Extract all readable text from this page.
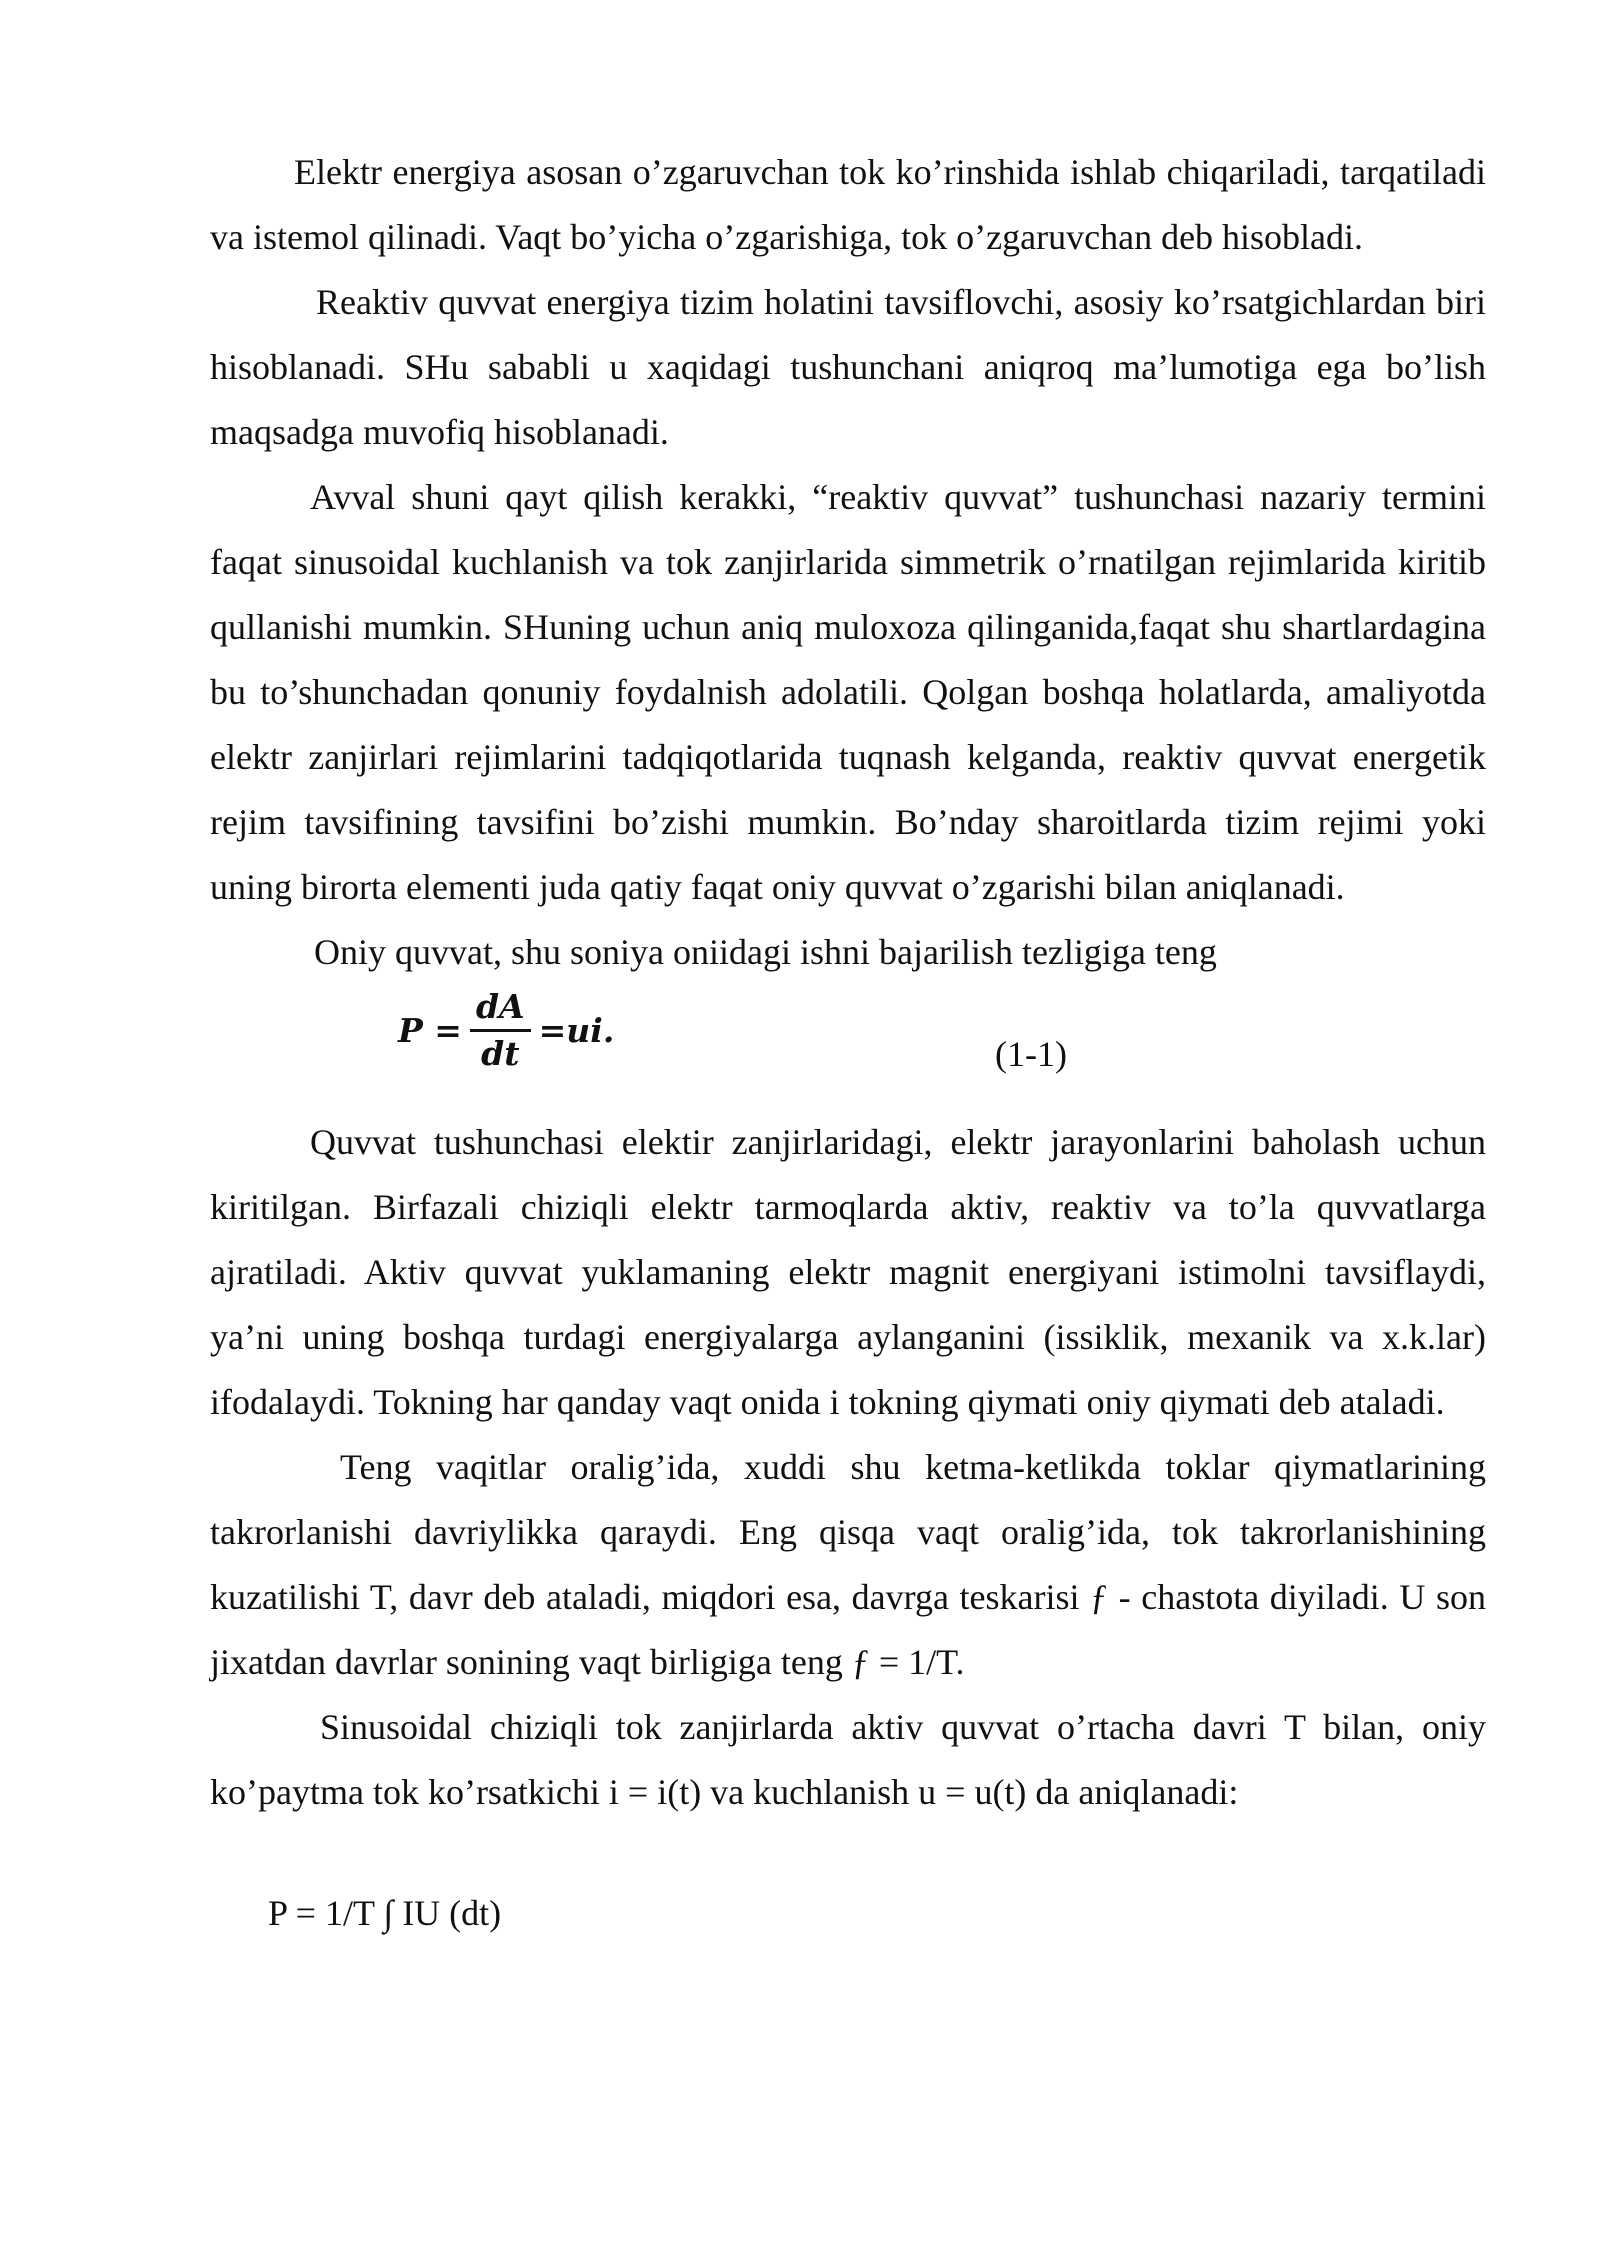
Elektr energiya asosan o’zgaruvchan tok ko’rinshida ishlab chiqariladi, tarqatiladi va istemol qilinadi. Vaqt bo’yicha o’zgarishiga, tok o’zgaruvchan deb hisobladi.

Reaktiv quvvat energiya tizim holatini tavsiflovchi, asosiy ko’rsatgichlardan biri hisoblanadi. SHu sababli u xaqidagi tushunchani aniqroq ma’lumotiga ega bo’lish maqsadga muvofiq hisoblanadi.

Avval shuni qayt qilish kerakki, “reaktiv quvvat” tushunchasi nazariy termini faqat sinusoidal kuchlanish va tok zanjirlarida simmetrik o’rnatilgan rejimlarida kiritib qullanishi mumkin. SHuning uchun aniq muloxoza qilinganida,faqat shu shartlardagina bu to’shunchadan qonuniy foydalnish adolatili. Qolgan boshqa holatlarda, amaliyotda elektr zanjirlari rejimlarini tadqiqotlarida tuqnash kelganda, reaktiv quvvat energetik rejim tavsifining tavsifini bo’zishi mumkin. Bo’nday sharoitlarda tizim rejimi yoki uning birorta elementi juda qatiy faqat oniy quvvat o’zgarishi bilan aniqlanadi.

Oniy quvvat, shu soniya oniidagi ishni bajarilish tezligiga teng

$P = \frac{dA}{dt} =ui$.
(1-1)

Quvvat tushunchasi elektir zanjirlaridagi, elektr jarayonlarini baholash uchun kiritilgan. Birfazali chiziqli elektr tarmoqlarda aktiv, reaktiv va to’la quvvatlarga ajratiladi. Aktiv quvvat yuklamaning elektr magnit energiyani istimolni tavsiflaydi, ya’ni uning boshqa turdagi energiyalarga aylanganini (issiklik, mexanik va x.k.lar) ifodalaydi. Tokning har qanday vaqt onida i tokning qiymati oniy qiymati deb ataladi.

Teng vaqitlar oralig’ida, xuddi shu ketma-ketlikda toklar qiymatlarining takrorlanishi davriylikka qaraydi. Eng qisqa vaqt oralig’ida, tok takrorlanishining kuzatilishi T, davr deb ataladi, miqdori esa, davrga teskarisi ƒ - chastota diyiladi. U son jixatdan davrlar sonining vaqt birligiga teng ƒ = 1/T.

Sinusoidal chiziqli tok zanjirlarda aktiv quvvat o’rtacha davri T bilan, oniy ko’paytma tok ko’rsatkichi i = i(t) va kuchlanish u = u(t) da aniqlanadi:

P = 1/T ∫ IU (dt)
